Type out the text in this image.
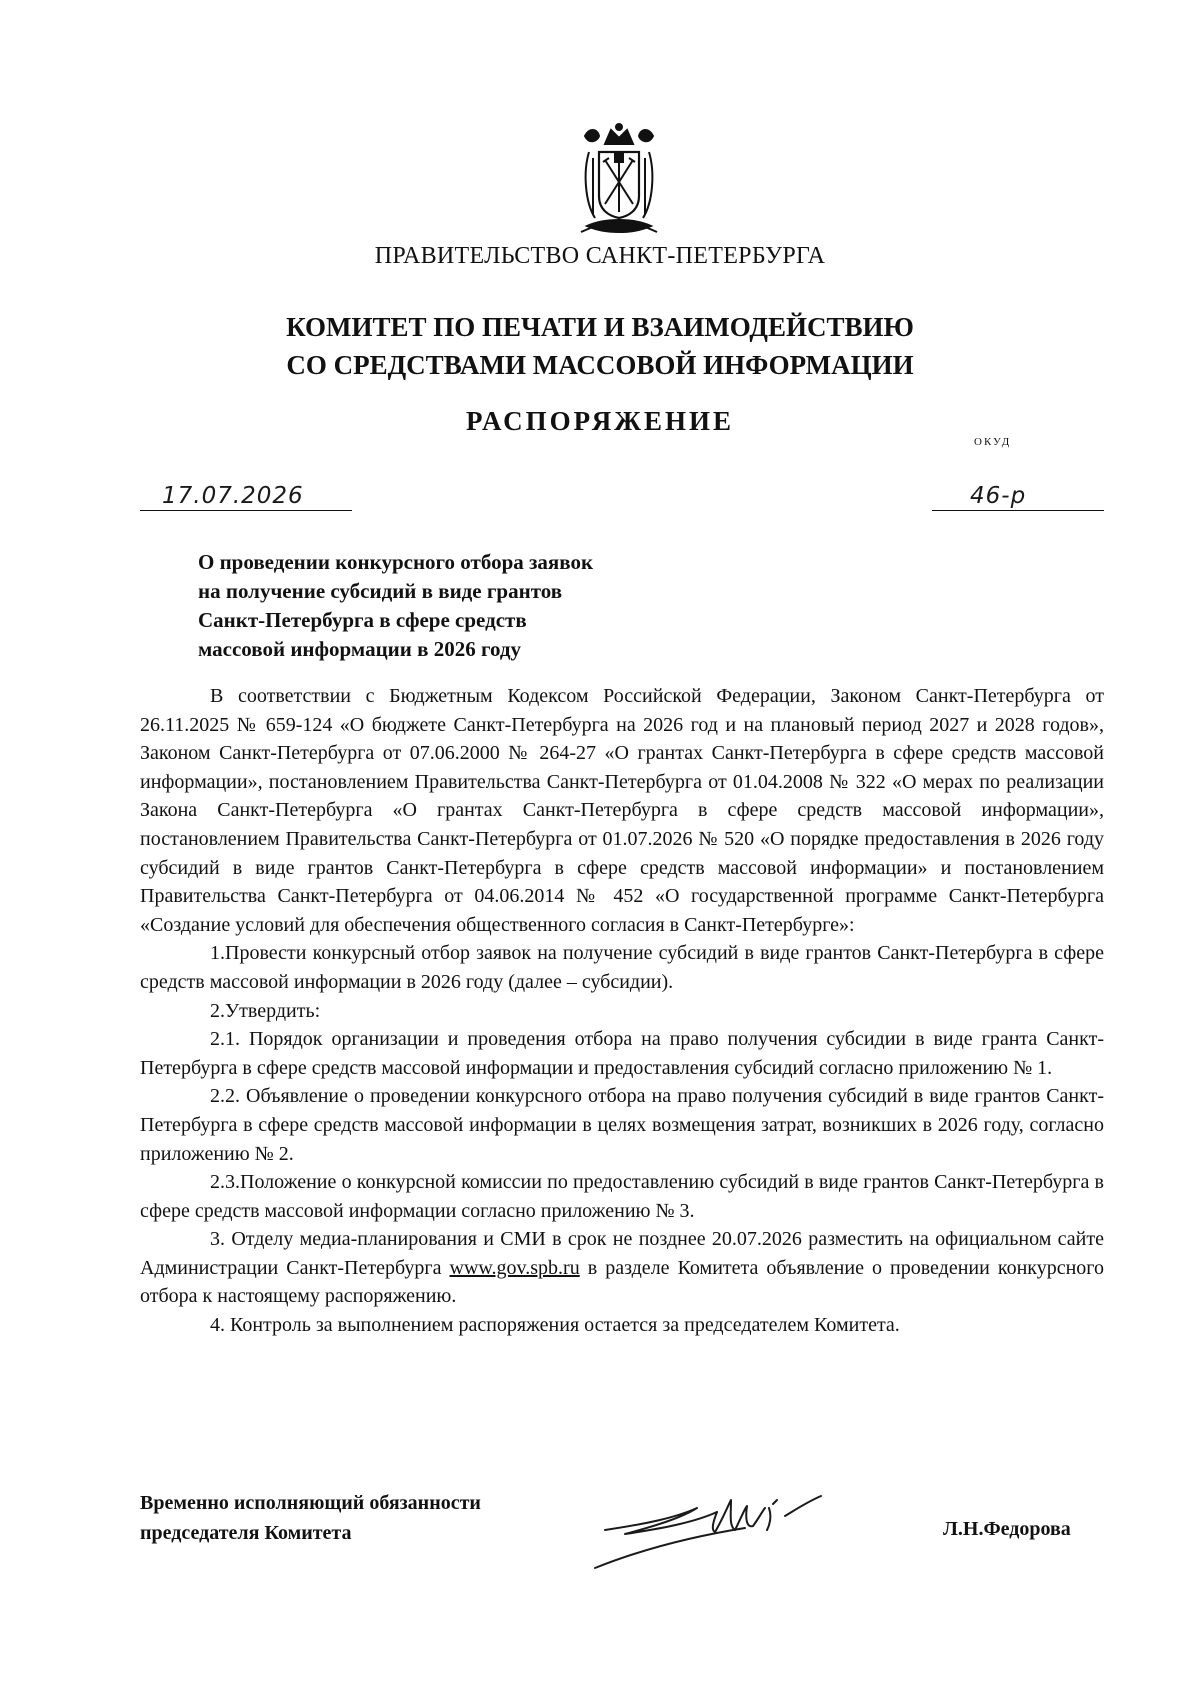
ПРАВИТЕЛЬСТВО САНКТ-ПЕТЕРБУРГА
КОМИТЕТ ПО ПЕЧАТИ И ВЗАИМОДЕЙСТВИЮ
СО СРЕДСТВАМИ МАССОВОЙ ИНФОРМАЦИИ
РАСПОРЯЖЕНИЕ
ОКУД
17.07.2026	46-р
О проведении конкурсного отбора заявок
на получение субсидий в виде грантов
Санкт-Петербурга в сфере средств
массовой информации в 2026 году

В соответствии с Бюджетным Кодексом Российской Федерации, Законом Санкт-Петербурга от 26.11.2025 № 659-124 «О бюджете Санкт-Петербурга на 2026 год и на плановый период 2027 и 2028 годов», Законом Санкт-Петербурга от 07.06.2000 № 264-27 «О грантах Санкт-Петербурга в сфере средств массовой информации», постановлением Правительства Санкт-Петербурга от 01.04.2008 № 322 «О мерах по реализации Закона Санкт-Петербурга «О грантах Санкт-Петербурга в сфере средств массовой информации», постановлением Правительства Санкт-Петербурга от 01.07.2026 № 520 «О порядке предоставления в 2026 году субсидий в виде грантов Санкт-Петербурга в сфере средств массовой информации» и постановлением Правительства Санкт-Петербурга от 04.06.2014 № 452 «О государственной программе Санкт-Петербурга «Создание условий для обеспечения общественного согласия в Санкт-Петербурге»:

1.Провести конкурсный отбор заявок на получение субсидий в виде грантов Санкт-Петербурга в сфере средств массовой информации в 2026 году (далее – субсидии).

2.Утвердить:

2.1. Порядок организации и проведения отбора на право получения субсидии в виде гранта Санкт-Петербурга в сфере средств массовой информации и предоставления субсидий согласно приложению № 1.

2.2. Объявление о проведении конкурсного отбора на право получения субсидий в виде грантов Санкт-Петербурга в сфере средств массовой информации в целях возмещения затрат, возникших в 2026 году, согласно приложению № 2.

2.3.Положение о конкурсной комиссии по предоставлению субсидий в виде грантов Санкт-Петербурга в сфере средств массовой информации согласно приложению № 3.

3. Отделу медиа-планирования и СМИ в срок не позднее 20.07.2026 разместить на официальном сайте Администрации Санкт-Петербурга www.gov.spb.ru в разделе Комитета объявление о проведении конкурсного отбора к настоящему распоряжению.

4. Контроль за выполнением распоряжения остается за председателем Комитета.

Временно исполняющий обязанности
председателя Комитета	Л.Н.Федорова
